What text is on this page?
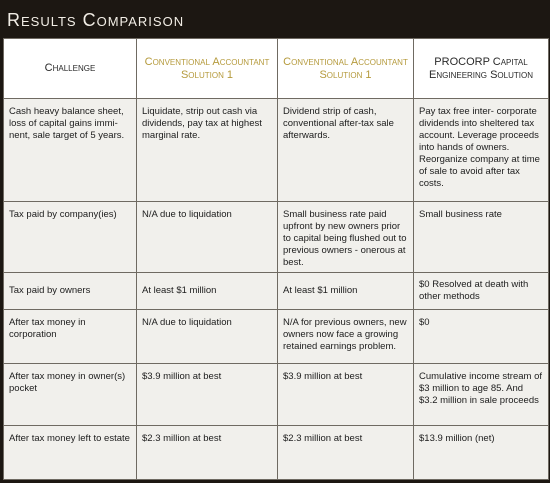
Results Comparison
Challenge	Conventional Accountant Solution 1	Conventional Accountant Solution 1	PROCORP Capital Engineering Solution
Cash heavy balance sheet, loss of capital gains immi-nent, sale target of 5 years.	Liquidate, strip out cash via dividends, pay tax at highest marginal rate.	Dividend strip of cash, conventional after-tax sale afterwards.	Pay tax free inter- corporate dividends into sheltered tax account. Leverage proceeds into hands of owners. Reorganize company at time of sale to avoid after tax costs.
Tax paid by company(ies)	N/A due to liquidation	Small business rate paid upfront by new owners prior to capital being flushed out to previous owners - onerous at best.	Small business rate
Tax paid by owners	At least $1 million	At least $1 million	$0 Resolved at death with other methods
After tax money in corporation	N/A due to liquidation	N/A for previous owners, new owners now face a growing retained earnings problem.	$0
After tax money in owner(s) pocket	$3.9 million at best	$3.9 million at best	Cumulative income stream of $3 million to age 85. And $3.2 million in sale proceeds
After tax money left to estate	$2.3 million at best	$2.3 million at best	$13.9 million (net)
